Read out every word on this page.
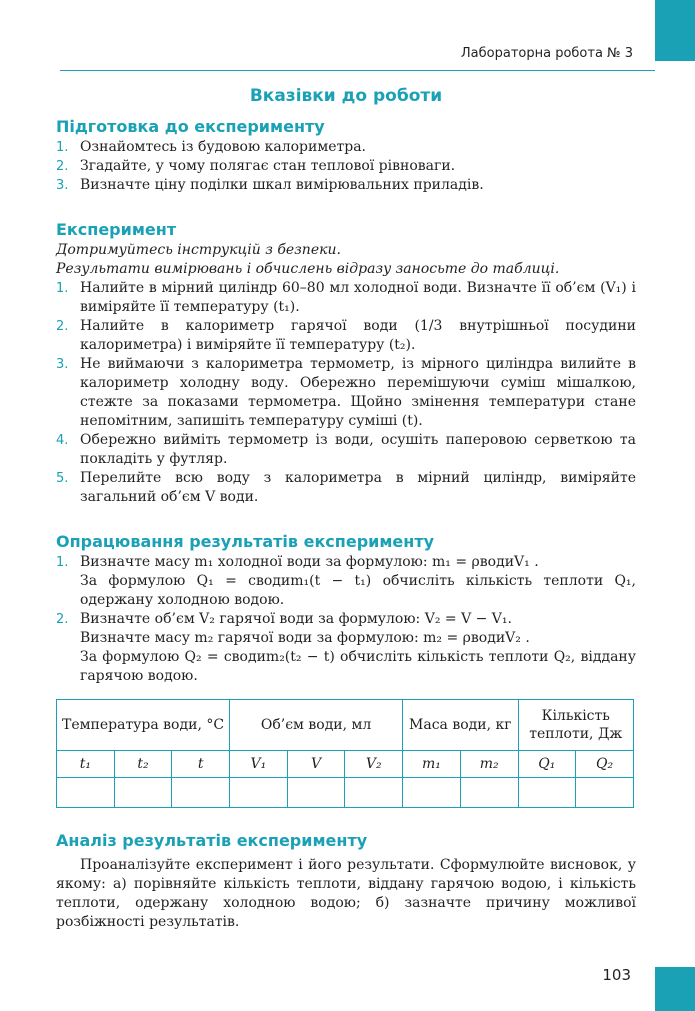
Лабораторна робота № 3
103
Вказівки до роботи
Підготовка до експерименту
1. Ознайомтесь із будовою калориметра.
2. Згадайте, у чому полягає стан теплової рівноваги.
3. Визначте ціну поділки шкал вимірювальних приладів.
Експеримент

Дотримуйтесь інструкцій з безпеки.

Результати вимірювань і обчислень відразу заносьте до таблиці.

1. Налийте в мірний циліндр 60–80 мл холодної води. Визначте її об’єм (V₁) і виміряйте її температуру (t₁).
2. Налийте в калориметр гарячої води (1/3 внутрішньої посудини калориметра) і виміряйте її температуру (t₂).
3. Не виймаючи з калориметра термометр, із мірного циліндра вилийте в калориметр холодну воду. Обережно перемішуючи суміш мішалкою, стежте за показами термометра. Щойно змінення температури стане непомітним, запишіть температуру суміші (t).
4. Обережно вийміть термометр із води, осушіть паперовою серветкою та покладіть у футляр.
5. Перелийте всю воду з калориметра в мірний циліндр, виміряйте загальний об’єм V води.
Опрацювання результатів експерименту
1. Визначте масу m₁ холодної води за формулою: m₁ = ρводиV₁ .
За формулою Q₁ = cводиm₁(t − t₁) обчисліть кількість теплоти Q₁, одержану холодною водою.
2. Визначте об’єм V₂ гарячої води за формулою: V₂ = V − V₁.
Визначте масу m₂ гарячої води за формулою: m₂ = ρводиV₂ .
За формулою Q₂ = cводиm₂(t₂ − t) обчисліть кількість теплоти Q₂, віддану гарячою водою.
Температура води, °С			Об’єм води, мл			Маса води, кг		Кількість теплоти, Дж	
t₁	t₂	t	V₁	V	V₂	m₁	m₂	Q₁	Q₂

Аналіз результатів експерименту

Проаналізуйте експеримент і його результати. Сформулюйте висновок, у якому: а) порівняйте кількість теплоти, віддану гарячою водою, і кількість теплоти, одержану холодною водою; б) зазначте причину можливої розбіжності результатів.
